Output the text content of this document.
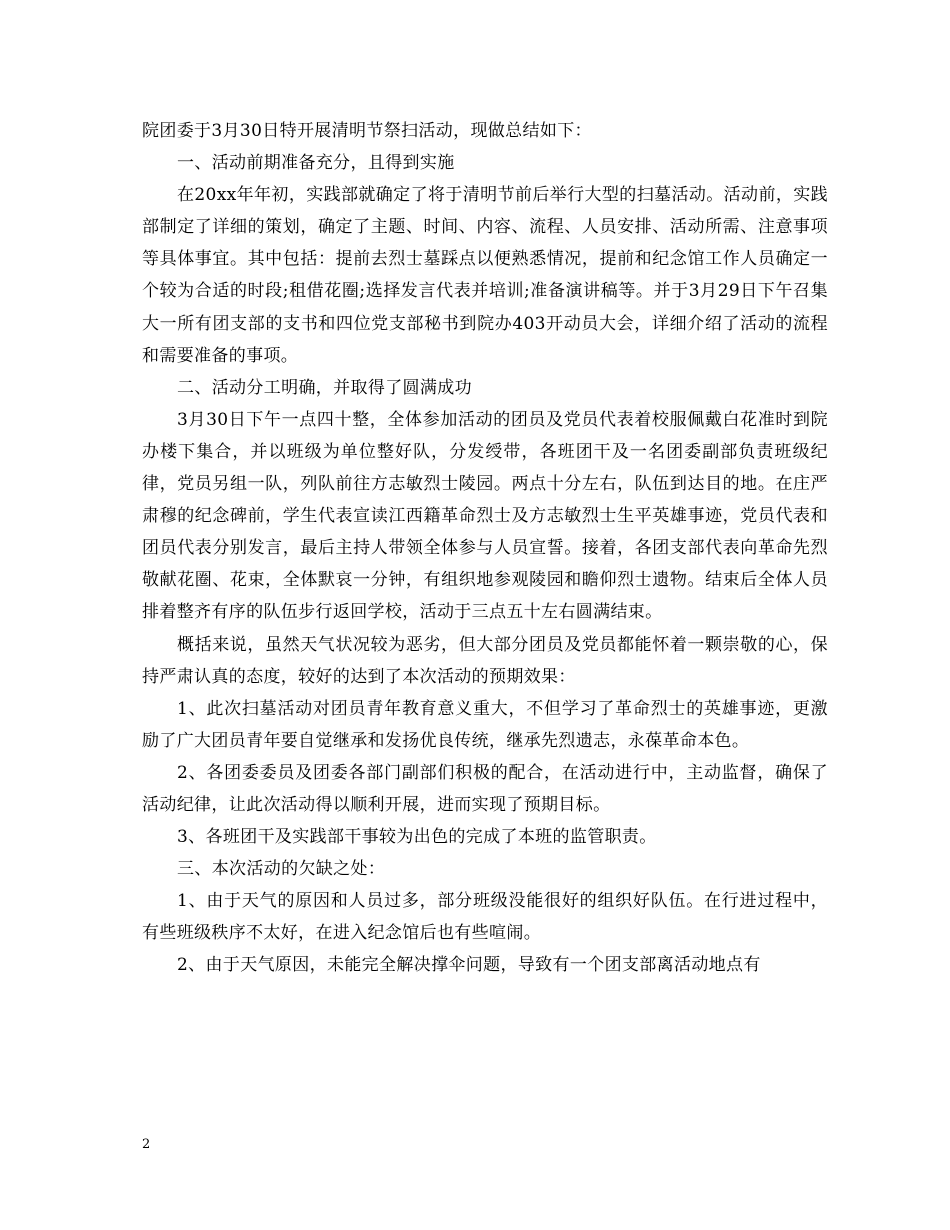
院团委于3月30日特开展清明节祭扫活动，现做总结如下：

一、活动前期准备充分，且得到实施

在20xx年年初，实践部就确定了将于清明节前后举行大型的扫墓活动。活动前，实践部制定了详细的策划，确定了主题、时间、内容、流程、人员安排、活动所需、注意事项等具体事宜。其中包括：提前去烈士墓踩点以便熟悉情况，提前和纪念馆工作人员确定一个较为合适的时段;租借花圈;选择发言代表并培训;准备演讲稿等。并于3月29日下午召集大一所有团支部的支书和四位党支部秘书到院办403开动员大会，详细介绍了活动的流程和需要准备的事项。

二、活动分工明确，并取得了圆满成功

3月30日下午一点四十整，全体参加活动的团员及党员代表着校服佩戴白花准时到院办楼下集合，并以班级为单位整好队，分发绶带，各班团干及一名团委副部负责班级纪律，党员另组一队，列队前往方志敏烈士陵园。两点十分左右，队伍到达目的地。在庄严肃穆的纪念碑前，学生代表宣读江西籍革命烈士及方志敏烈士生平英雄事迹，党员代表和团员代表分别发言，最后主持人带领全体参与人员宣誓。接着，各团支部代表向革命先烈敬献花圈、花束，全体默哀一分钟，有组织地参观陵园和瞻仰烈士遗物。结束后全体人员排着整齐有序的队伍步行返回学校，活动于三点五十左右圆满结束。

概括来说，虽然天气状况较为恶劣，但大部分团员及党员都能怀着一颗崇敬的心，保持严肃认真的态度，较好的达到了本次活动的预期效果：

1、此次扫墓活动对团员青年教育意义重大，不但学习了革命烈士的英雄事迹，更激励了广大团员青年要自觉继承和发扬优良传统，继承先烈遗志，永葆革命本色。

2、各团委委员及团委各部门副部们积极的配合，在活动进行中，主动监督，确保了活动纪律，让此次活动得以顺利开展，进而实现了预期目标。

3、各班团干及实践部干事较为出色的完成了本班的监管职责。

三、本次活动的欠缺之处：

1、由于天气的原因和人员过多，部分班级没能很好的组织好队伍。在行进过程中，有些班级秩序不太好，在进入纪念馆后也有些喧闹。

2、由于天气原因，未能完全解决撑伞问题，导致有一个团支部离活动地点有

2
